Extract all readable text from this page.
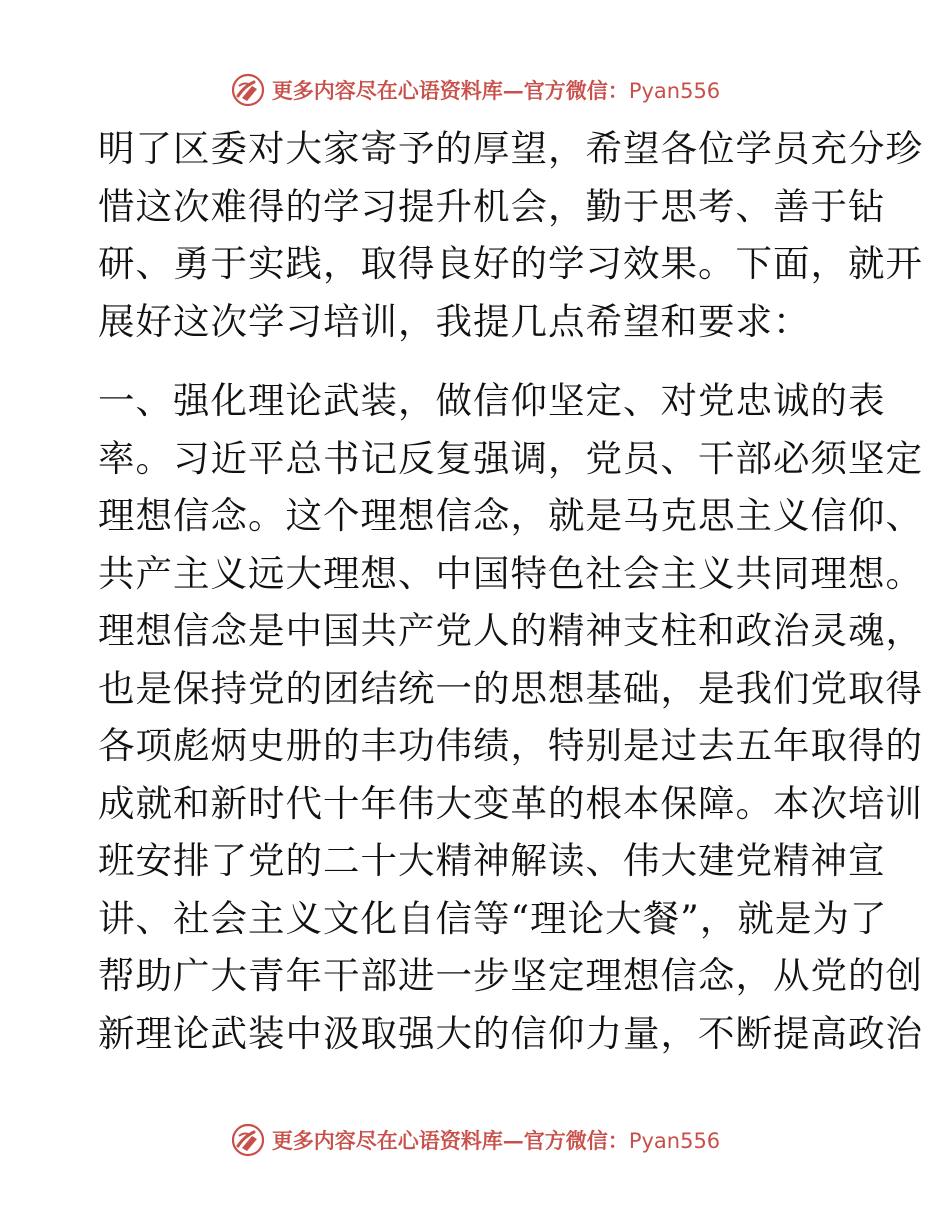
更多内容尽在心语资料库—官方微信：Pyan556
明了区委对大家寄予的厚望，希望各位学员充分珍
惜这次难得的学习提升机会，勤于思考、善于钻
研、勇于实践，取得良好的学习效果。下面，就开
展好这次学习培训，我提几点希望和要求：
一、强化理论武装，做信仰坚定、对党忠诚的表
率。习近平总书记反复强调，党员、干部必须坚定
理想信念。这个理想信念，就是马克思主义信仰、
共产主义远大理想、中国特色社会主义共同理想。
理想信念是中国共产党人的精神支柱和政治灵魂，
也是保持党的团结统一的思想基础，是我们党取得
各项彪炳史册的丰功伟绩，特别是过去五年取得的
成就和新时代十年伟大变革的根本保障。本次培训
班安排了党的二十大精神解读、伟大建党精神宣
讲、社会主义文化自信等“理论大餐”，就是为了
帮助广大青年干部进一步坚定理想信念，从党的创
新理论武装中汲取强大的信仰力量，不断提高政治
更多内容尽在心语资料库—官方微信：Pyan556
